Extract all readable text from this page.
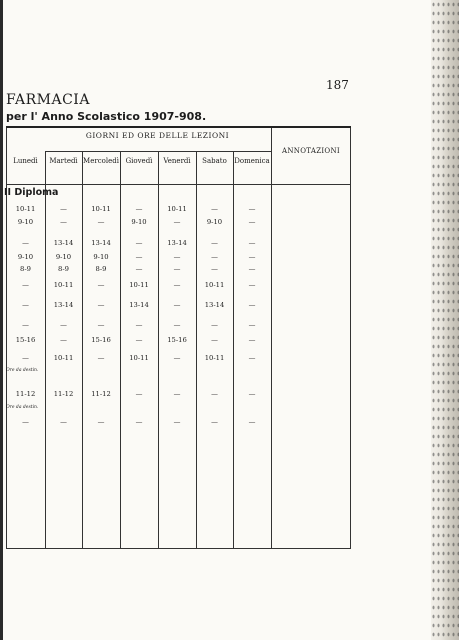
187
FARMACIA
per l' Anno Scolastico 1907-908.
GIORNI ED ORE DELLE LEZIONI
ANNOTAZIONI
Lunedì	Martedì Mercoledì Giovedì	Venerdì	Sabato	Domenica
II Diploma
10-11	—	10-11	—	10-11	—	—
9-10	—	—	9-10	—	9-10	—
—	13-14	13-14	—	13-14	—	—
9-10	9-10	9-10	—	—	—	—
8-9	8-9	8-9	—	—	—	—
—	10-11	—	10-11	—	10-11	—
—	13-14	—	13-14	—	13-14	—
—	—	—	—	—	—	—
15-16	—	15-16	—	15-16	—	—
—	10-11	—	10-11	—	10-11	—
11-12	11-12	11-12	—	—	—	—
—	—	—	—	—	—	—
Ore da destin.
Ore da destin.
